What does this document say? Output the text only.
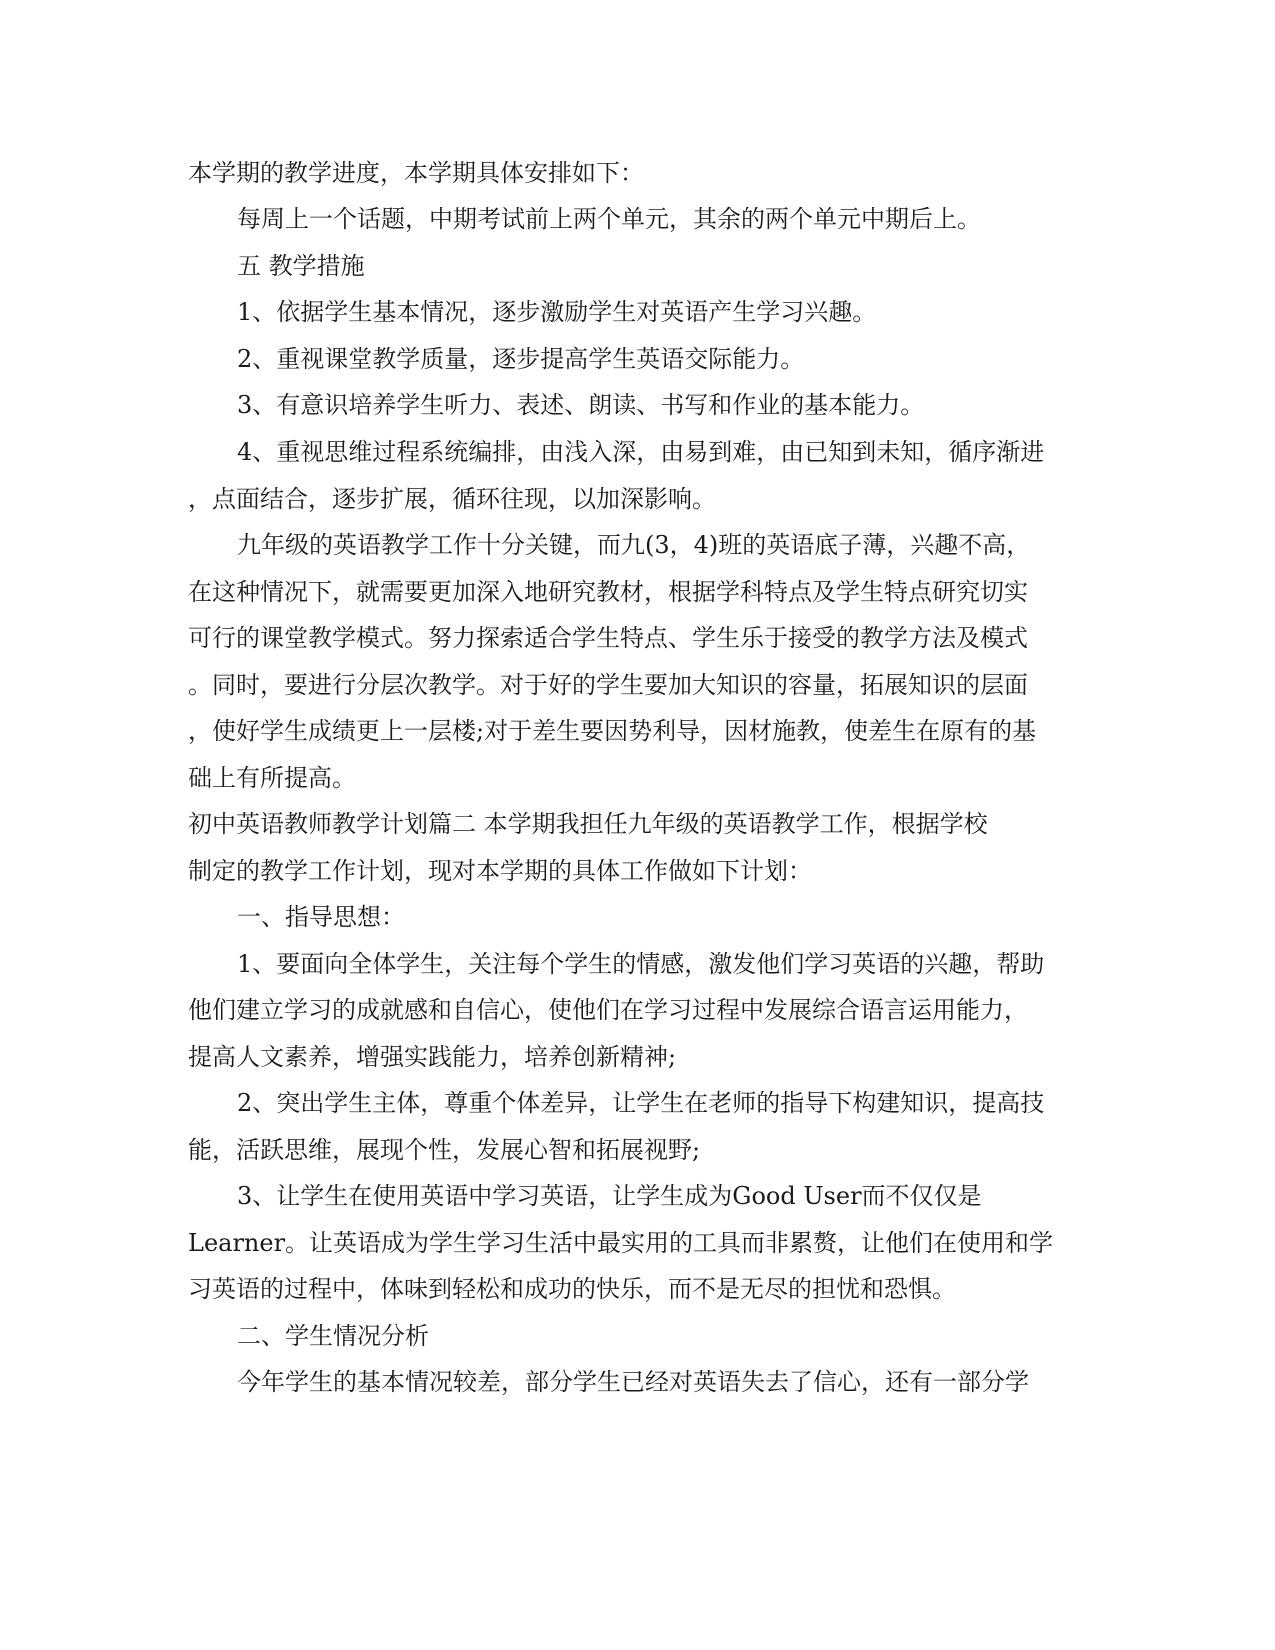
本学期的教学进度，本学期具体安排如下：
每周上一个话题，中期考试前上两个单元，其余的两个单元中期后上。
五 教学措施
1、依据学生基本情况，逐步激励学生对英语产生学习兴趣。
2、重视课堂教学质量，逐步提高学生英语交际能力。
3、有意识培养学生听力、表述、朗读、书写和作业的基本能力。
4、重视思维过程系统编排，由浅入深，由易到难，由已知到未知，循序渐进
，点面结合，逐步扩展，循环往现，以加深影响。
九年级的英语教学工作十分关键，而九(3，4)班的英语底子薄，兴趣不高，
在这种情况下，就需要更加深入地研究教材，根据学科特点及学生特点研究切实
可行的课堂教学模式。努力探索适合学生特点、学生乐于接受的教学方法及模式
。同时，要进行分层次教学。对于好的学生要加大知识的容量，拓展知识的层面
，使好学生成绩更上一层楼;对于差生要因势利导，因材施教，使差生在原有的基
础上有所提高。
初中英语教师教学计划篇二 本学期我担任九年级的英语教学工作，根据学校
制定的教学工作计划，现对本学期的具体工作做如下计划：
一、指导思想：
1、要面向全体学生，关注每个学生的情感，激发他们学习英语的兴趣，帮助
他们建立学习的成就感和自信心，使他们在学习过程中发展综合语言运用能力，
提高人文素养，增强实践能力，培养创新精神;
2、突出学生主体，尊重个体差异，让学生在老师的指导下构建知识，提高技
能，活跃思维，展现个性，发展心智和拓展视野;
3、让学生在使用英语中学习英语，让学生成为Good User而不仅仅是
Learner。让英语成为学生学习生活中最实用的工具而非累赘，让他们在使用和学
习英语的过程中，体味到轻松和成功的快乐，而不是无尽的担忧和恐惧。
二、学生情况分析
今年学生的基本情况较差，部分学生已经对英语失去了信心，还有一部分学
